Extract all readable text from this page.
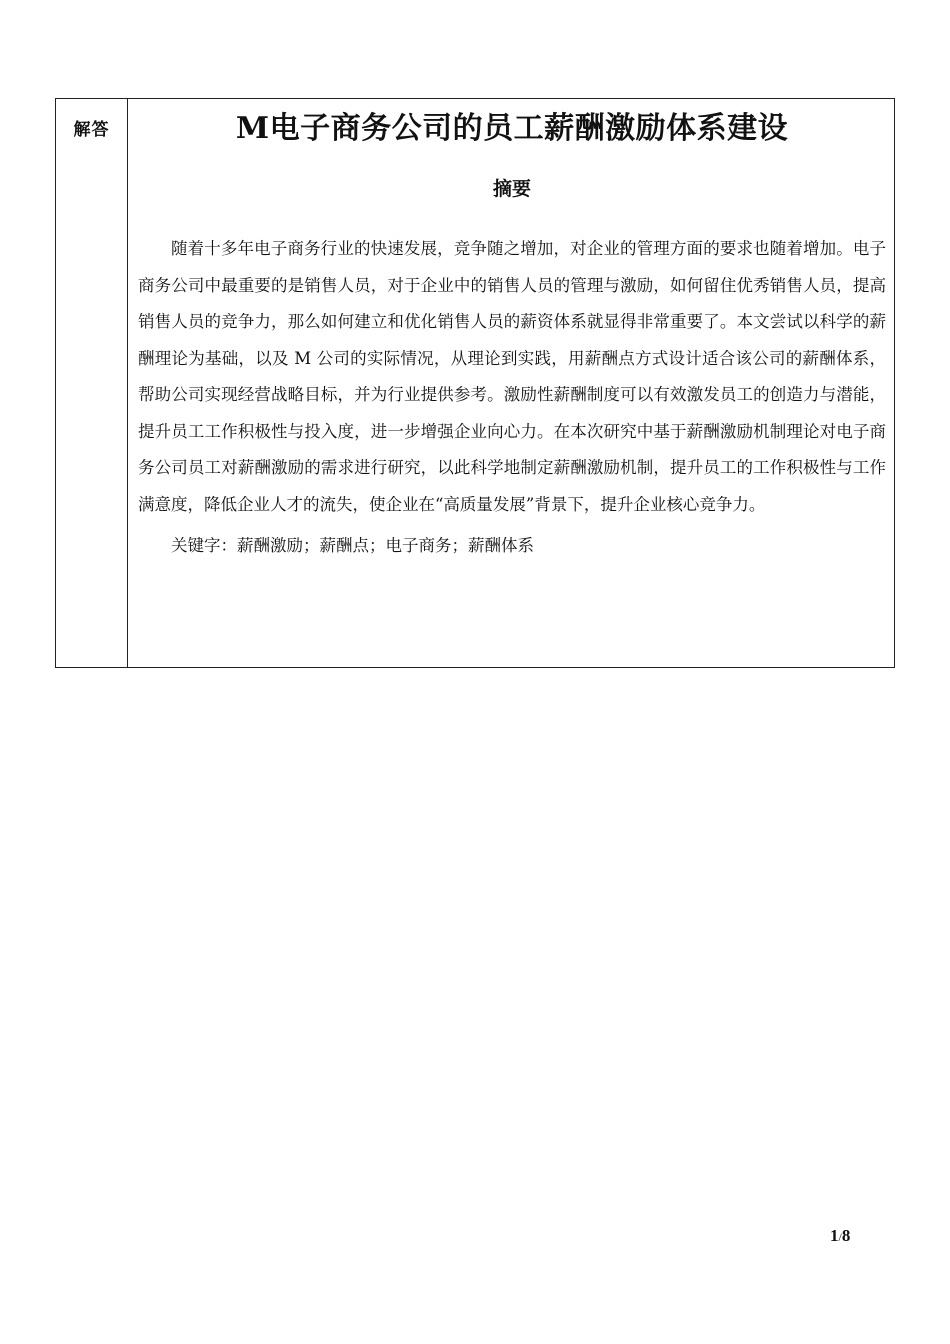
解答	M电子商务公司的员工薪酬激励体系建设
摘要
随着十多年电子商务行业的快速发展，竞争随之增加，对企业的管理方面的要求也随着增加。电子商务公司中最重要的是销售人员，对于企业中的销售人员的管理与激励，如何留住优秀销售人员，提高销售人员的竞争力，那么如何建立和优化销售人员的薪资体系就显得非常重要了。本文尝试以科学的薪酬理论为基础，以及 M 公司的实际情况，从理论到实践，用薪酬点方式设计适合该公司的薪酬体系，帮助公司实现经营战略目标，并为行业提供参考。激励性薪酬制度可以有效激发员工的创造力与潜能，提升员工工作积极性与投入度，进一步增强企业向心力。在本次研究中基于薪酬激励机制理论对电子商务公司员工对薪酬激励的需求进行研究，以此科学地制定薪酬激励机制，提升员工的工作积极性与工作满意度，降低企业人才的流失，使企业在“高质量发展”背景下，提升企业核心竞争力。
关键字：薪酬激励；薪酬点；电子商务；薪酬体系
1/8
